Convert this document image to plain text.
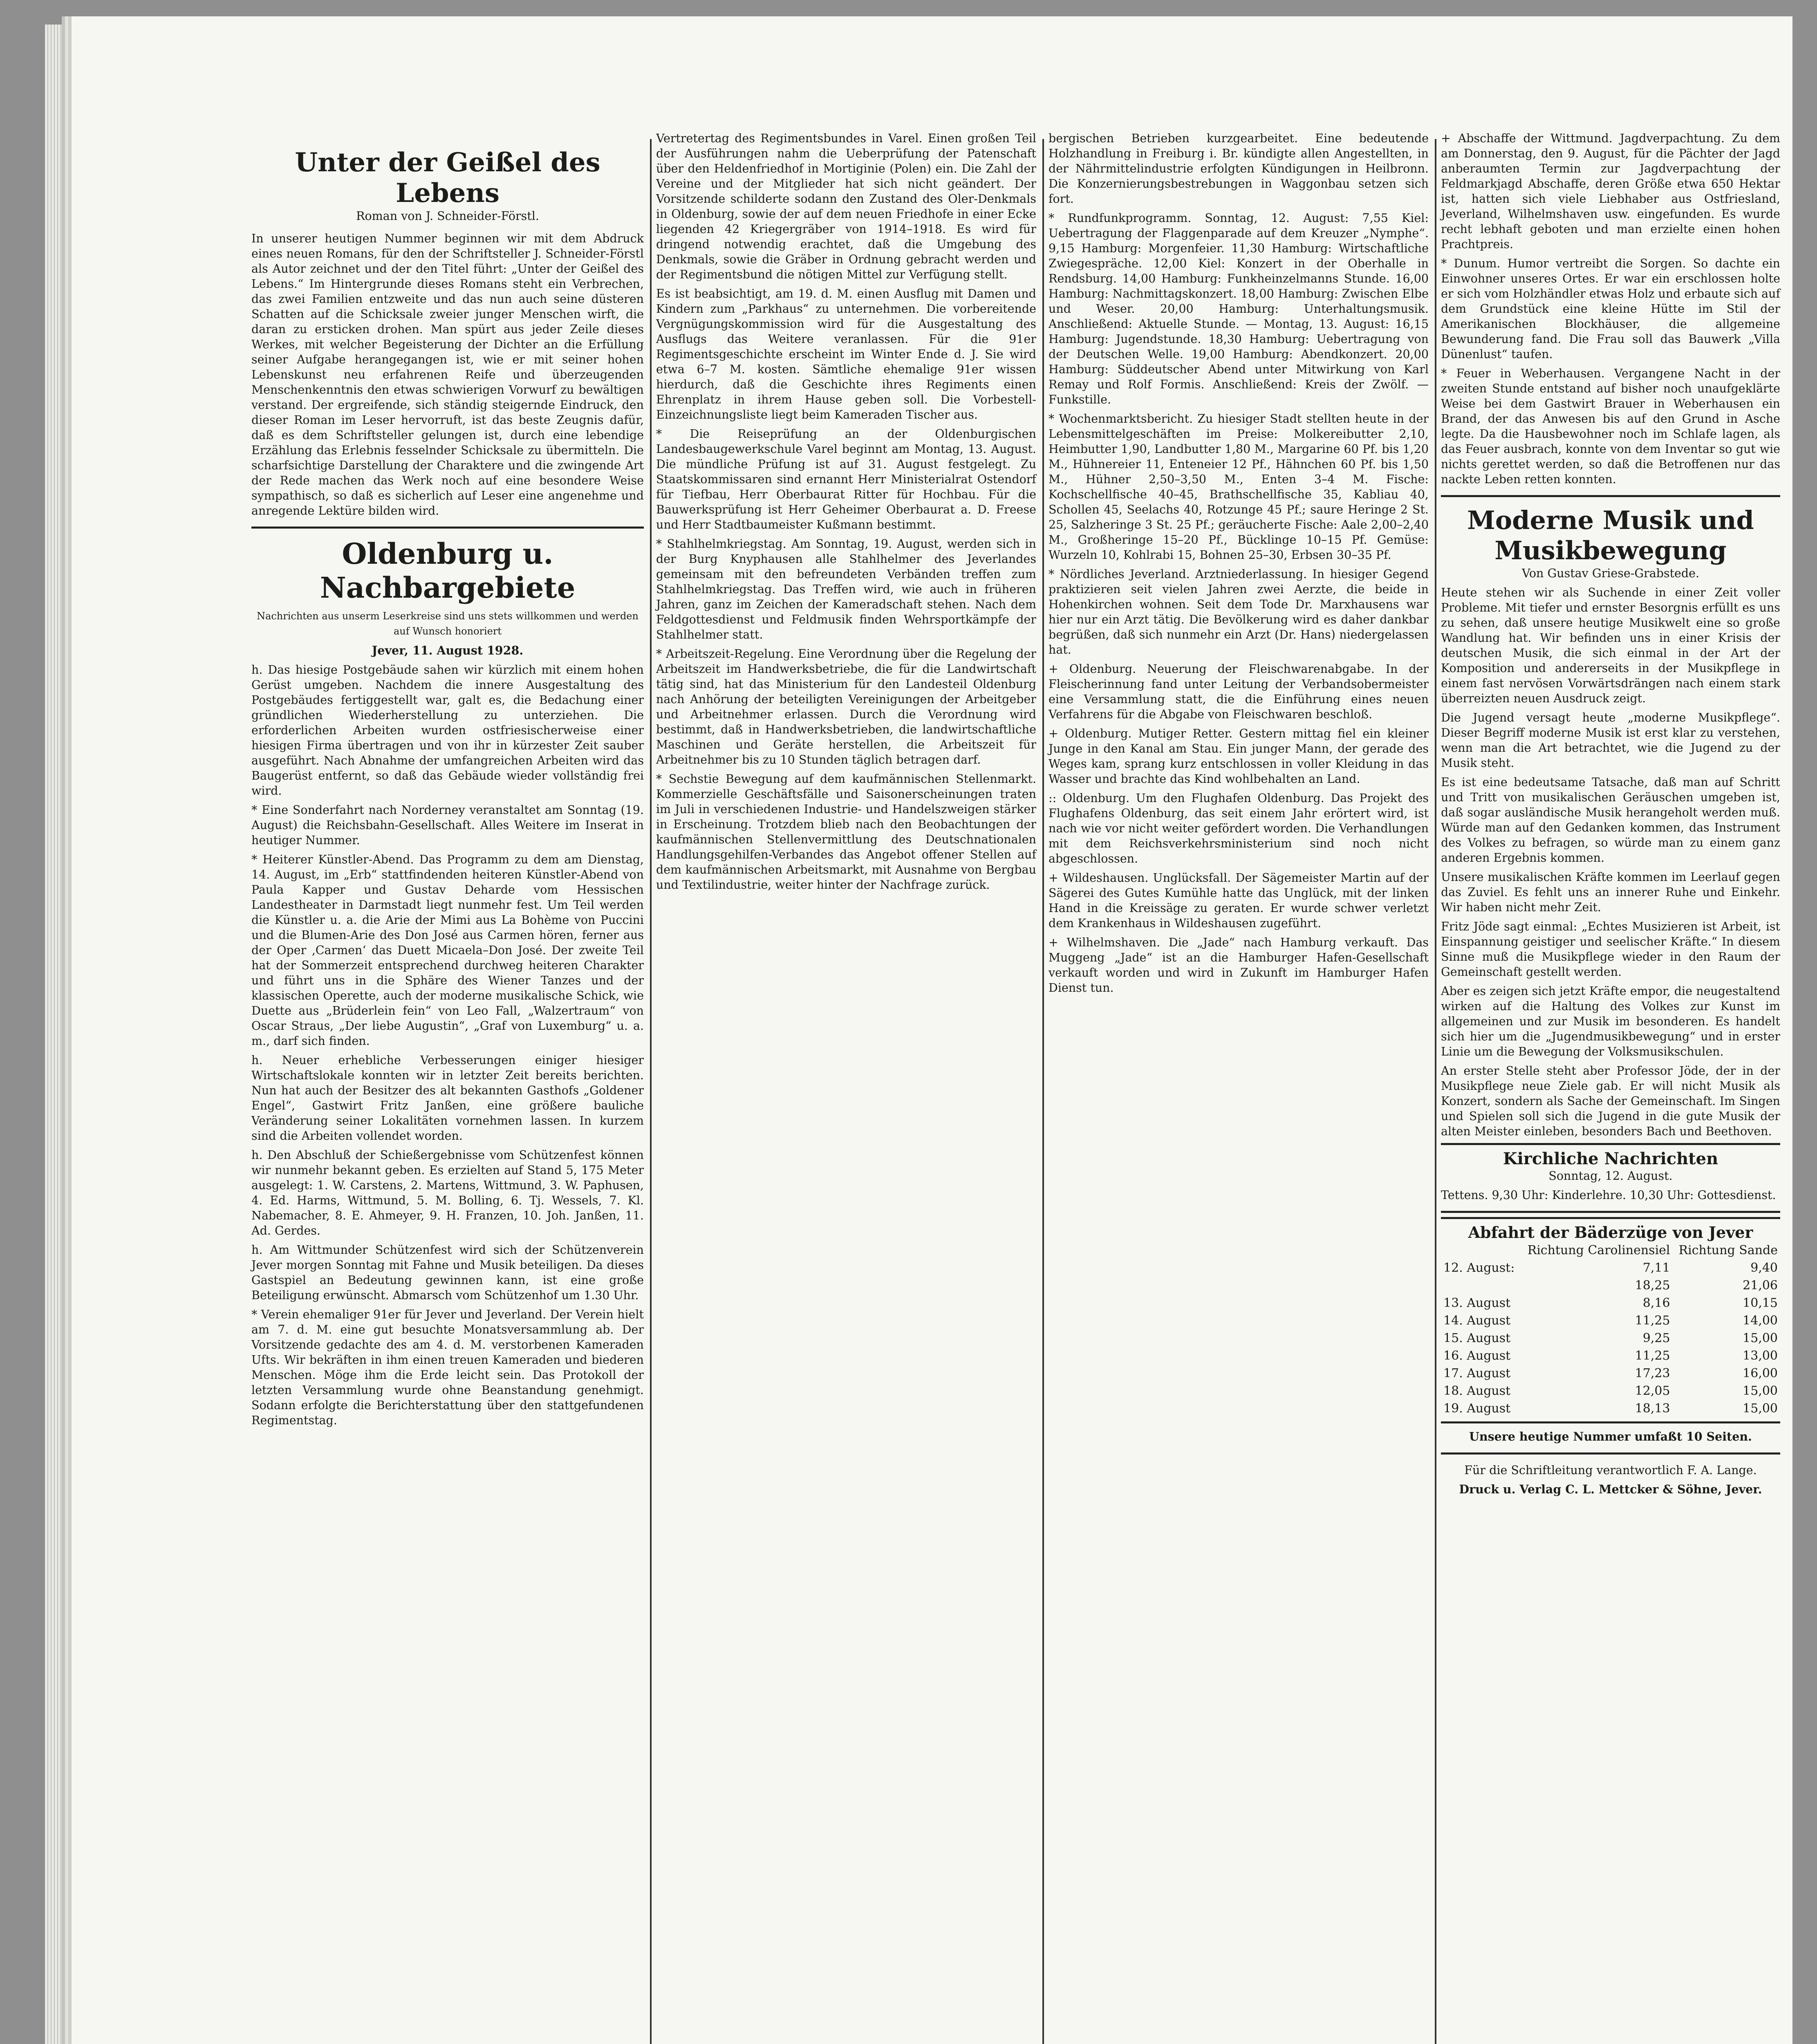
Unter der Geißel des Lebens

Roman von J. Schneider-Förstl.

In unserer heutigen Nummer beginnen wir mit dem Abdruck eines neuen Romans, für den der Schriftsteller J. Schneider-Förstl als Autor zeichnet und der den Titel führt: „Unter der Geißel des Lebens.“ Im Hintergrunde dieses Romans steht ein Verbrechen, das zwei Familien entzweite und das nun auch seine düsteren Schatten auf die Schicksale zweier junger Menschen wirft, die daran zu ersticken drohen. Man spürt aus jeder Zeile dieses Werkes, mit welcher Begeisterung der Dichter an die Erfüllung seiner Aufgabe herangegangen ist, wie er mit seiner hohen Lebenskunst neu erfahrenen Reife und überzeugenden Menschenkenntnis den etwas schwierigen Vorwurf zu bewältigen verstand. Der ergreifende, sich ständig steigernde Eindruck, den dieser Roman im Leser hervorruft, ist das beste Zeugnis dafür, daß es dem Schriftsteller gelungen ist, durch eine lebendige Erzählung das Erlebnis fesselnder Schicksale zu übermitteln. Die scharfsichtige Darstellung der Charaktere und die zwingende Art der Rede machen das Werk noch auf eine besondere Weise sympathisch, so daß es sicherlich auf Leser eine angenehme und anregende Lektüre bilden wird.

Oldenburg u. Nachbargebiete

Nachrichten aus unserm Leserkreise sind uns stets willkommen und werden auf Wunsch honoriert

Jever, 11. August 1928.

h. Das hiesige Postgebäude sahen wir kürzlich mit einem hohen Gerüst umgeben. Nachdem die innere Ausgestaltung des Postgebäudes fertiggestellt war, galt es, die Bedachung einer gründlichen Wiederherstellung zu unterziehen. Die erforderlichen Arbeiten wurden ostfriesischerweise einer hiesigen Firma übertragen und von ihr in kürzester Zeit sauber ausgeführt. Nach Abnahme der umfangreichen Arbeiten wird das Baugerüst entfernt, so daß das Gebäude wieder vollständig frei wird.

* Eine Sonderfahrt nach Norderney veranstaltet am Sonntag (19. August) die Reichsbahn-Gesellschaft. Alles Weitere im Inserat in heutiger Nummer.

* Heiterer Künstler-Abend. Das Programm zu dem am Dienstag, 14. August, im „Erb“ stattfindenden heiteren Künstler-Abend von Paula Kapper und Gustav Deharde vom Hessischen Landestheater in Darmstadt liegt nunmehr fest. Um Teil werden die Künstler u. a. die Arie der Mimi aus La Bohème von Puccini und die Blumen-Arie des Don José aus Carmen hören, ferner aus der Oper ‚Carmen‘ das Duett Micaela–Don José. Der zweite Teil hat der Sommerzeit entsprechend durchweg heiteren Charakter und führt uns in die Sphäre des Wiener Tanzes und der klassischen Operette, auch der moderne musikalische Schick, wie Duette aus „Brüderlein fein“ von Leo Fall, „Walzertraum“ von Oscar Straus, „Der liebe Augustin“, „Graf von Luxemburg“ u. a. m., darf sich finden.

h. Neuer erhebliche Verbesserungen einiger hiesiger Wirtschaftslokale konnten wir in letzter Zeit bereits berichten. Nun hat auch der Besitzer des alt bekannten Gasthofs „Goldener Engel“, Gastwirt Fritz Janßen, eine größere bauliche Veränderung seiner Lokalitäten vornehmen lassen. In kurzem sind die Arbeiten vollendet worden.

h. Den Abschluß der Schießergebnisse vom Schützenfest können wir nunmehr bekannt geben. Es erzielten auf Stand 5, 175 Meter ausgelegt: 1. W. Carstens, 2. Martens, Wittmund, 3. W. Paphusen, 4. Ed. Harms, Wittmund, 5. M. Bolling, 6. Tj. Wessels, 7. Kl. Nabemacher, 8. E. Ahmeyer, 9. H. Franzen, 10. Joh. Janßen, 11. Ad. Gerdes.

h. Am Wittmunder Schützenfest wird sich der Schützenverein Jever morgen Sonntag mit Fahne und Musik beteiligen. Da dieses Gastspiel an Bedeutung gewinnen kann, ist eine große Beteiligung erwünscht. Abmarsch vom Schützenhof um 1.30 Uhr.

* Verein ehemaliger 91er für Jever und Jeverland. Der Verein hielt am 7. d. M. eine gut besuchte Monatsversammlung ab. Der Vorsitzende gedachte des am 4. d. M. verstorbenen Kameraden Ufts. Wir bekräften in ihm einen treuen Kameraden und biederen Menschen. Möge ihm die Erde leicht sein. Das Protokoll der letzten Versammlung wurde ohne Beanstandung genehmigt. Sodann erfolgte die Berichterstattung über den stattgefundenen Regimentstag.

Vertretertag des Regimentsbundes in Varel. Einen großen Teil der Ausführungen nahm die Ueberprüfung der Patenschaft über den Heldenfriedhof in Mortiginie (Polen) ein. Die Zahl der Vereine und der Mitglieder hat sich nicht geändert. Der Vorsitzende schilderte sodann den Zustand des Oler-Denkmals in Oldenburg, sowie der auf dem neuen Friedhofe in einer Ecke liegenden 42 Kriegergräber von 1914–1918. Es wird für dringend notwendig erachtet, daß die Umgebung des Denkmals, sowie die Gräber in Ordnung gebracht werden und der Regimentsbund die nötigen Mittel zur Verfügung stellt.

Es ist beabsichtigt, am 19. d. M. einen Ausflug mit Damen und Kindern zum „Parkhaus“ zu unternehmen. Die vorbereitende Vergnügungskommission wird für die Ausgestaltung des Ausflugs das Weitere veranlassen. Für die 91er Regimentsgeschichte erscheint im Winter Ende d. J. Sie wird etwa 6–7 M. kosten. Sämtliche ehemalige 91er wissen hierdurch, daß die Geschichte ihres Regiments einen Ehrenplatz in ihrem Hause geben soll. Die Vorbestell-Einzeichnungsliste liegt beim Kameraden Tischer aus.

* Die Reiseprüfung an der Oldenburgischen Landesbaugewerkschule Varel beginnt am Montag, 13. August. Die mündliche Prüfung ist auf 31. August festgelegt. Zu Staatskommissaren sind ernannt Herr Ministerialrat Ostendorf für Tiefbau, Herr Oberbaurat Ritter für Hochbau. Für die Bauwerksprüfung ist Herr Geheimer Oberbaurat a. D. Freese und Herr Stadtbaumeister Kußmann bestimmt.

* Stahlhelmkriegstag. Am Sonntag, 19. August, werden sich in der Burg Knyphausen alle Stahlhelmer des Jeverlandes gemeinsam mit den befreundeten Verbänden treffen zum Stahlhelmkriegstag. Das Treffen wird, wie auch in früheren Jahren, ganz im Zeichen der Kameradschaft stehen. Nach dem Feldgottesdienst und Feldmusik finden Wehrsportkämpfe der Stahlhelmer statt.

* Arbeitszeit-Regelung. Eine Verordnung über die Regelung der Arbeitszeit im Handwerksbetriebe, die für die Landwirtschaft tätig sind, hat das Ministerium für den Landesteil Oldenburg nach Anhörung der beteiligten Vereinigungen der Arbeitgeber und Arbeitnehmer erlassen. Durch die Verordnung wird bestimmt, daß in Handwerksbetrieben, die landwirtschaftliche Maschinen und Geräte herstellen, die Arbeitszeit für Arbeitnehmer bis zu 10 Stunden täglich betragen darf.

* Sechstie Bewegung auf dem kaufmännischen Stellenmarkt. Kommerzielle Geschäftsfälle und Saisonerscheinungen traten im Juli in verschiedenen Industrie- und Handelszweigen stärker in Erscheinung. Trotzdem blieb nach den Beobachtungen der kaufmännischen Stellenvermittlung des Deutschnationalen Handlungsgehilfen-Verbandes das Angebot offener Stellen auf dem kaufmännischen Arbeitsmarkt, mit Ausnahme von Bergbau und Textilindustrie, weiter hinter der Nachfrage zurück.

bergischen Betrieben kurzgearbeitet. Eine bedeutende Holzhandlung in Freiburg i. Br. kündigte allen Angestellten, in der Nährmittelindustrie erfolgten Kündigungen in Heilbronn. Die Konzernierungsbestrebungen in Waggonbau setzen sich fort.

* Rundfunkprogramm. Sonntag, 12. August: 7,55 Kiel: Uebertragung der Flaggenparade auf dem Kreuzer „Nymphe“. 9,15 Hamburg: Morgenfeier. 11,30 Hamburg: Wirtschaftliche Zwiegespräche. 12,00 Kiel: Konzert in der Oberhalle in Rendsburg. 14,00 Hamburg: Funkheinzelmanns Stunde. 16,00 Hamburg: Nachmittagskonzert. 18,00 Hamburg: Zwischen Elbe und Weser. 20,00 Hamburg: Unterhaltungsmusik. Anschließend: Aktuelle Stunde. — Montag, 13. August: 16,15 Hamburg: Jugendstunde. 18,30 Hamburg: Uebertragung von der Deutschen Welle. 19,00 Hamburg: Abendkonzert. 20,00 Hamburg: Süddeutscher Abend unter Mitwirkung von Karl Remay und Rolf Formis. Anschließend: Kreis der Zwölf. — Funkstille.

* Wochenmarktsbericht. Zu hiesiger Stadt stellten heute in der Lebensmittelgeschäften im Preise: Molkereibutter 2,10, Heimbutter 1,90, Landbutter 1,80 M., Margarine 60 Pf. bis 1,20 M., Hühnereier 11, Enteneier 12 Pf., Hähnchen 60 Pf. bis 1,50 M., Hühner 2,50–3,50 M., Enten 3–4 M. Fische: Kochschellfische 40–45, Brathschellfische 35, Kabliau 40, Schollen 45, Seelachs 40, Rotzunge 45 Pf.; saure Heringe 2 St. 25, Salzheringe 3 St. 25 Pf.; geräucherte Fische: Aale 2,00–2,40 M., Großheringe 15–20 Pf., Bücklinge 10–15 Pf. Gemüse: Wurzeln 10, Kohlrabi 15, Bohnen 25–30, Erbsen 30–35 Pf.

* Nördliches Jeverland. Arztniederlassung. In hiesiger Gegend praktizieren seit vielen Jahren zwei Aerzte, die beide in Hohenkirchen wohnen. Seit dem Tode Dr. Marxhausens war hier nur ein Arzt tätig. Die Bevölkerung wird es daher dankbar begrüßen, daß sich nunmehr ein Arzt (Dr. Hans) niedergelassen hat.

+ Oldenburg. Neuerung der Fleischwarenabgabe. In der Fleischerinnung fand unter Leitung der Verbandsobermeister eine Versammlung statt, die die Einführung eines neuen Verfahrens für die Abgabe von Fleischwaren beschloß.

+ Oldenburg. Mutiger Retter. Gestern mittag fiel ein kleiner Junge in den Kanal am Stau. Ein junger Mann, der gerade des Weges kam, sprang kurz entschlossen in voller Kleidung in das Wasser und brachte das Kind wohlbehalten an Land.

:: Oldenburg. Um den Flughafen Oldenburg. Das Projekt des Flughafens Oldenburg, das seit einem Jahr erörtert wird, ist nach wie vor nicht weiter gefördert worden. Die Verhandlungen mit dem Reichsverkehrsministerium sind noch nicht abgeschlossen.

+ Wildeshausen. Unglücksfall. Der Sägemeister Martin auf der Sägerei des Gutes Kumühle hatte das Unglück, mit der linken Hand in die Kreissäge zu geraten. Er wurde schwer verletzt dem Krankenhaus in Wildeshausen zugeführt.

+ Wilhelmshaven. Die „Jade“ nach Hamburg verkauft. Das Muggeng „Jade“ ist an die Hamburger Hafen-Gesellschaft verkauft worden und wird in Zukunft im Hamburger Hafen Dienst tun.

+ Abschaffe der Wittmund. Jagdverpachtung. Zu dem am Donnerstag, den 9. August, für die Pächter der Jagd anberaumten Termin zur Jagdverpachtung der Feldmarkjagd Abschaffe, deren Größe etwa 650 Hektar ist, hatten sich viele Liebhaber aus Ostfriesland, Jeverland, Wilhelmshaven usw. eingefunden. Es wurde recht lebhaft geboten und man erzielte einen hohen Prachtpreis.

* Dunum. Humor vertreibt die Sorgen. So dachte ein Einwohner unseres Ortes. Er war ein erschlossen holte er sich vom Holzhändler etwas Holz und erbaute sich auf dem Grundstück eine kleine Hütte im Stil der Amerikanischen Blockhäuser, die allgemeine Bewunderung fand. Die Frau soll das Bauwerk „Villa Dünenlust“ taufen.

* Feuer in Weberhausen. Vergangene Nacht in der zweiten Stunde entstand auf bisher noch unaufgeklärte Weise bei dem Gastwirt Brauer in Weberhausen ein Brand, der das Anwesen bis auf den Grund in Asche legte. Da die Hausbewohner noch im Schlafe lagen, als das Feuer ausbrach, konnte von dem Inventar so gut wie nichts gerettet werden, so daß die Betroffenen nur das nackte Leben retten konnten.

Moderne Musik und Musikbewegung

Von Gustav Griese-Grabstede.

Heute stehen wir als Suchende in einer Zeit voller Probleme. Mit tiefer und ernster Besorgnis erfüllt es uns zu sehen, daß unsere heutige Musikwelt eine so große Wandlung hat. Wir befinden uns in einer Krisis der deutschen Musik, die sich einmal in der Art der Komposition und andererseits in der Musikpflege in einem fast nervösen Vorwärtsdrängen nach einem stark überreizten neuen Ausdruck zeigt.

Die Jugend versagt heute „moderne Musikpflege“. Dieser Begriff moderne Musik ist erst klar zu verstehen, wenn man die Art betrachtet, wie die Jugend zu der Musik steht.

Es ist eine bedeutsame Tatsache, daß man auf Schritt und Tritt von musikalischen Geräuschen umgeben ist, daß sogar ausländische Musik herangeholt werden muß. Würde man auf den Gedanken kommen, das Instrument des Volkes zu befragen, so würde man zu einem ganz anderen Ergebnis kommen.

Unsere musikalischen Kräfte kommen im Leerlauf gegen das Zuviel. Es fehlt uns an innerer Ruhe und Einkehr. Wir haben nicht mehr Zeit.

Fritz Jöde sagt einmal: „Echtes Musizieren ist Arbeit, ist Einspannung geistiger und seelischer Kräfte.“ In diesem Sinne muß die Musikpflege wieder in den Raum der Gemeinschaft gestellt werden.

Aber es zeigen sich jetzt Kräfte empor, die neugestaltend wirken auf die Haltung des Volkes zur Kunst im allgemeinen und zur Musik im besonderen. Es handelt sich hier um die „Jugendmusikbewegung“ und in erster Linie um die Bewegung der Volksmusikschulen.

An erster Stelle steht aber Professor Jöde, der in der Musikpflege neue Ziele gab. Er will nicht Musik als Konzert, sondern als Sache der Gemeinschaft. Im Singen und Spielen soll sich die Jugend in die gute Musik der alten Meister einleben, besonders Bach und Beethoven.

Kirchliche Nachrichten

Sonntag, 12. August.

Tettens. 9,30 Uhr: Kinderlehre. 10,30 Uhr: Gottesdienst.

Abfahrt der Bäderzüge von Jever
	Richtung Carolinensiel	Richtung Sande
12. August:	7,11	9,40
	18,25	21,06
13. August	8,16	10,15
14. August	11,25	14,00
15. August	9,25	15,00
16. August	11,25	13,00
17. August	17,23	16,00
18. August	12,05	15,00
19. August	18,13	15,00

Unsere heutige Nummer umfaßt 10 Seiten.

Für die Schriftleitung verantwortlich F. A. Lange.

Druck u. Verlag C. L. Mettcker & Söhne, Jever.
